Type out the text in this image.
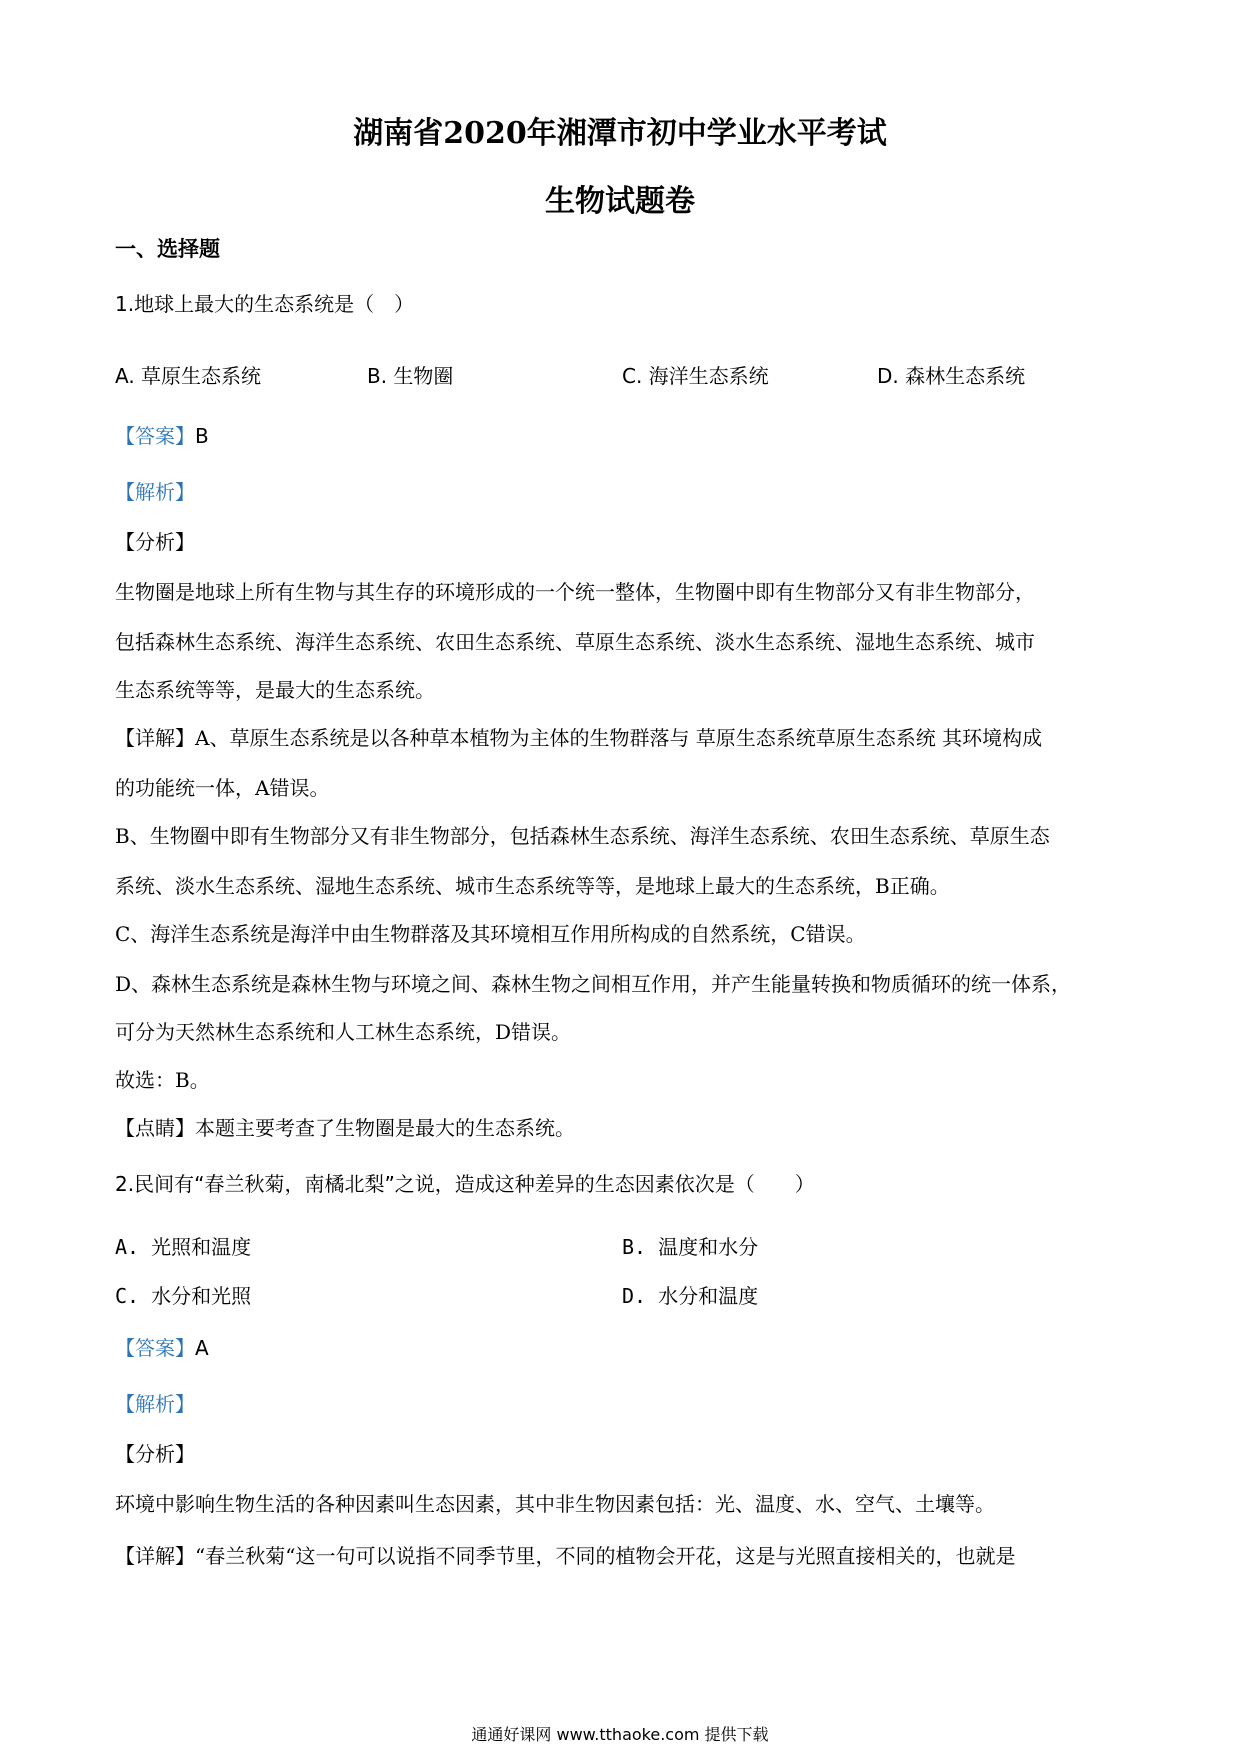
湖南省2020年湘潭市初中学业水平考试
生物试题卷
一、选择题
1.地球上最大的生态系统是（　）
A. 草原生态系统	B. 生物圈	C. 海洋生态系统	D. 森林生态系统
【答案】B
【解析】
【分析】
生物圈是地球上所有生物与其生存的环境形成的一个统一整体，生物圈中即有生物部分又有非生物部分，
包括森林生态系统、海洋生态系统、农田生态系统、草原生态系统、淡水生态系统、湿地生态系统、城市
生态系统等等，是最大的生态系统。
【详解】A、草原生态系统是以各种草本植物为主体的生物群落与 草原生态系统草原生态系统 其环境构成
的功能统一体，A错误。
B、生物圈中即有生物部分又有非生物部分，包括森林生态系统、海洋生态系统、农田生态系统、草原生态
系统、淡水生态系统、湿地生态系统、城市生态系统等等，是地球上最大的生态系统，B正确。
C、海洋生态系统是海洋中由生物群落及其环境相互作用所构成的自然系统，C错误。
D、森林生态系统是森林生物与环境之间、森林生物之间相互作用，并产生能量转换和物质循环的统一体系，
可分为天然林生态系统和人工林生态系统，D错误。
故选：B。
【点睛】本题主要考查了生物圈是最大的生态系统。
2.民间有“春兰秋菊，南橘北梨”之说，造成这种差异的生态因素依次是（　　）
A. 光照和温度	B. 温度和水分
C. 水分和光照	D. 水分和温度
【答案】A
【解析】
【分析】
环境中影响生物生活的各种因素叫生态因素，其中非生物因素包括：光、温度、水、空气、土壤等。
【详解】“春兰秋菊“这一句可以说指不同季节里，不同的植物会开花，这是与光照直接相关的，也就是
通通好课网 www.tthaoke.com 提供下载
